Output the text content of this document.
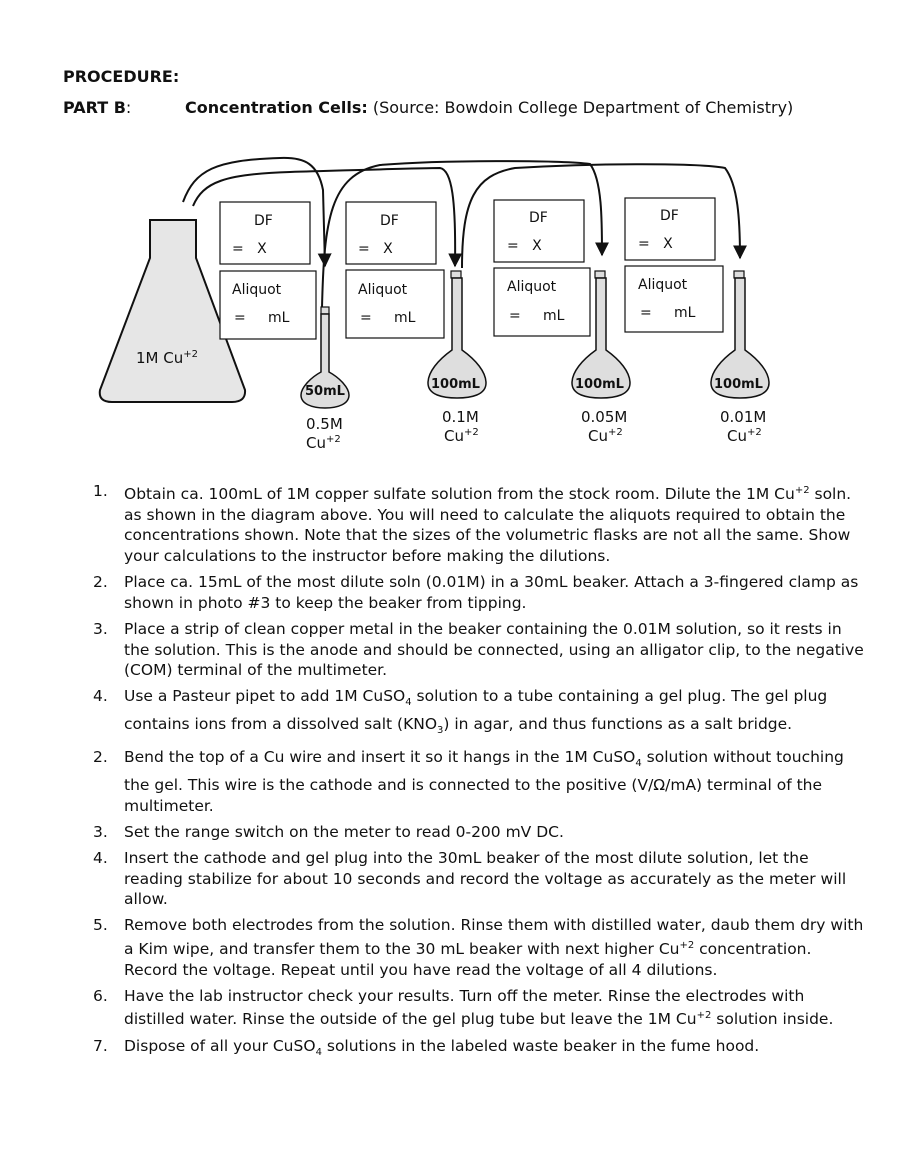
PROCEDURE:
PART B:	Concentration Cells: (Source: Bowdoin College Department of Chemistry)
1M $Cu^{+2}$
DF
=   X
Aliquot
=     mL
DF
=   X
Aliquot
=     mL
DF
=   X
Aliquot
=     mL
DF
=   X
Aliquot
=     mL
50mL
0.5M
$Cu^{+2}$
100mL
0.1M
$Cu^{+2}$
100mL
0.05M
$Cu^{+2}$
100mL
0.01M
$Cu^{+2}$
1. Obtain ca. 100mL of 1M copper sulfate solution from the stock room. Dilute the 1M $Cu^{+2}$ soln. as shown in the diagram above. You will need to calculate the aliquots required to obtain the concentrations shown. Note that the sizes of the volumetric flasks are not all the same. Show your calculations to the instructor before making the dilutions.
2. Place ca. 15mL of the most dilute soln (0.01M) in a 30mL beaker. Attach a 3-fingered clamp as shown in photo #3 to keep the beaker from tipping.
3. Place a strip of clean copper metal in the beaker containing the 0.01M solution, so it rests in the solution. This is the anode and should be connected, using an alligator clip, to the negative (COM) terminal of the multimeter.
4. Use a Pasteur pipet to add 1M CuSO$_4$ solution to a tube containing a gel plug. The gel plug contains ions from a dissolved salt $(KNO_3)$ in agar, and thus functions as a salt bridge.
2. Bend the top of a Cu wire and insert it so it hangs in the 1M CuSO$_4$ solution without touching the gel. This wire is the cathode and is connected to the positive (V/Ω/mA) terminal of the multimeter.
3. Set the range switch on the meter to read 0-200 mV DC.
4. Insert the cathode and gel plug into the 30mL beaker of the most dilute solution, let the reading stabilize for about 10 seconds and record the voltage as accurately as the meter will allow.
5. Remove both electrodes from the solution. Rinse them with distilled water, daub them dry with a Kim wipe, and transfer them to the 30 mL beaker with next higher $Cu^{+2}$ concentration. Record the voltage. Repeat until you have read the voltage of all 4 dilutions.
6. Have the lab instructor check your results. Turn off the meter. Rinse the electrodes with distilled water. Rinse the outside of the gel plug tube but leave the 1M $Cu^{+2}$ solution inside.
7. Dispose of all your CuSO$_4$ solutions in the labeled waste beaker in the fume hood.
